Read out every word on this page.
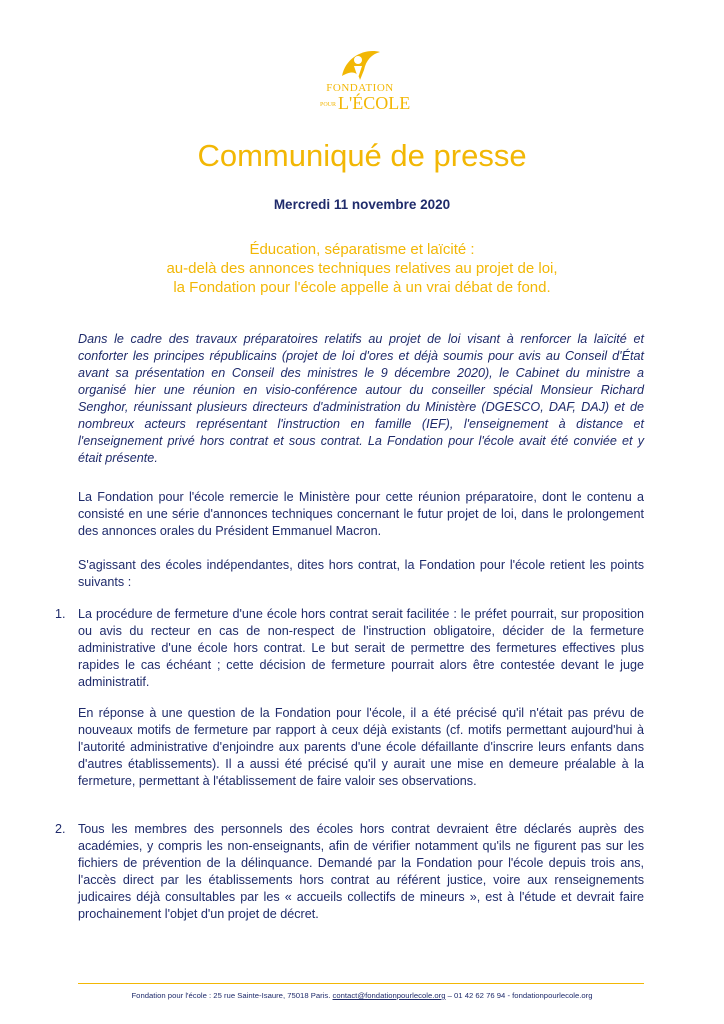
FONDATION
POUR L'ÉCOLE
Communiqué de presse
Mercredi 11 novembre 2020
Éducation, séparatisme et laïcité :
au-delà des annonces techniques relatives au projet de loi,
la Fondation pour l'école appelle à un vrai débat de fond.

Dans le cadre des travaux préparatoires relatifs au projet de loi visant à renforcer la laïcité et conforter les principes républicains (projet de loi d'ores et déjà soumis pour avis au Conseil d'État avant sa présentation en Conseil des ministres le 9 décembre 2020), le Cabinet du ministre a organisé hier une réunion en visio-conférence autour du conseiller spécial Monsieur Richard Senghor, réunissant plusieurs directeurs d'administration du Ministère (DGESCO, DAF, DAJ) et de nombreux acteurs représentant l'instruction en famille (IEF), l'enseignement à distance et l'enseignement privé hors contrat et sous contrat. La Fondation pour l'école avait été conviée et y était présente.

La Fondation pour l'école remercie le Ministère pour cette réunion préparatoire, dont le contenu a consisté en une série d'annonces techniques concernant le futur projet de loi, dans le prolongement des annonces orales du Président Emmanuel Macron.

S'agissant des écoles indépendantes, dites hors contrat, la Fondation pour l'école retient les points suivants :

1. La procédure de fermeture d'une école hors contrat serait facilitée : le préfet pourrait, sur proposition ou avis du recteur en cas de non-respect de l'instruction obligatoire, décider de la fermeture administrative d'une école hors contrat. Le but serait de permettre des fermetures effectives plus rapides le cas échéant ; cette décision de fermeture pourrait alors être contestée devant le juge administratif.

En réponse à une question de la Fondation pour l'école, il a été précisé qu'il n'était pas prévu de nouveaux motifs de fermeture par rapport à ceux déjà existants (cf. motifs permettant aujourd'hui à l'autorité administrative d'enjoindre aux parents d'une école défaillante d'inscrire leurs enfants dans d'autres établissements). Il a aussi été précisé qu'il y aurait une mise en demeure préalable à la fermeture, permettant à l'établissement de faire valoir ses observations.

2. Tous les membres des personnels des écoles hors contrat devraient être déclarés auprès des académies, y compris les non-enseignants, afin de vérifier notamment qu'ils ne figurent pas sur les fichiers de prévention de la délinquance. Demandé par la Fondation pour l'école depuis trois ans, l'accès direct par les établissements hors contrat au référent justice, voire aux renseignements judicaires déjà consultables par les « accueils collectifs de mineurs », est à l'étude et devrait faire prochainement l'objet d'un projet de décret.

Fondation pour l'école : 25 rue Sainte-Isaure, 75018 Paris. contact@fondationpourlecole.org – 01 42 62 76 94 - fondationpourlecole.org
